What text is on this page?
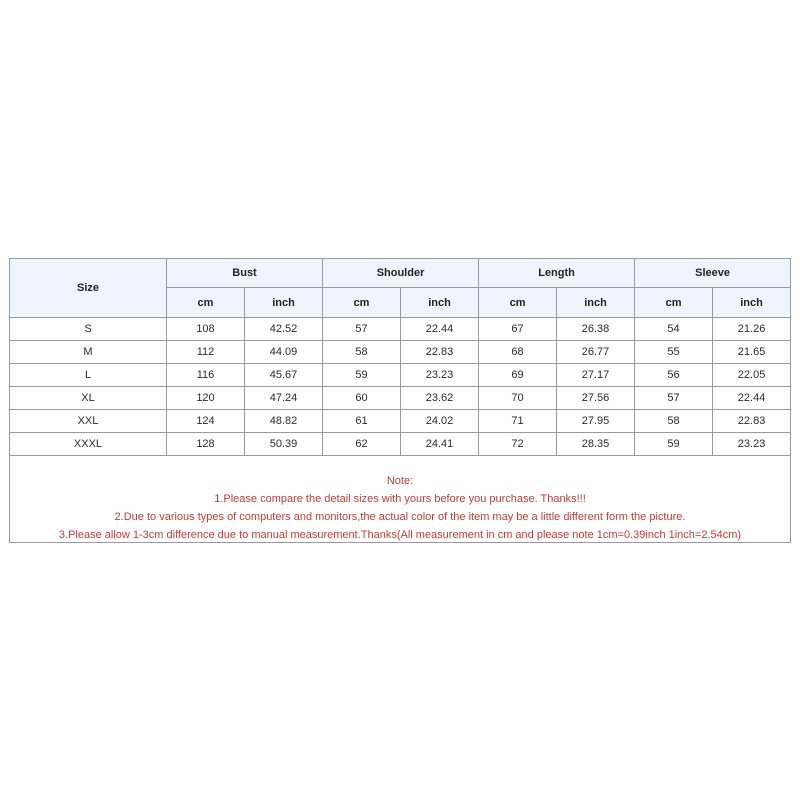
Size	Bust		Shoulder		Length		Sleeve	
	cm	inch	cm	inch	cm	inch	cm	inch
S	108	42.52	57	22.44	67	26.38	54	21.26
M	112	44.09	58	22.83	68	26.77	55	21.65
L	116	45.67	59	23.23	69	27.17	56	22.05
XL	120	47.24	60	23.62	70	27.56	57	22.44
XXL	124	48.82	61	24.02	71	27.95	58	22.83
XXXL	128	50.39	62	24.41	72	28.35	59	23.23
Note:
1.Please compare the detail sizes with yours before you purchase. Thanks!!!
2.Due to various types of computers and monitors,the actual color of the item may be a little different form the picture.
3.Please allow 1-3cm difference due to manual measurement.Thanks(All measurement in cm and please note 1cm=0.39inch 1inch=2.54cm)
